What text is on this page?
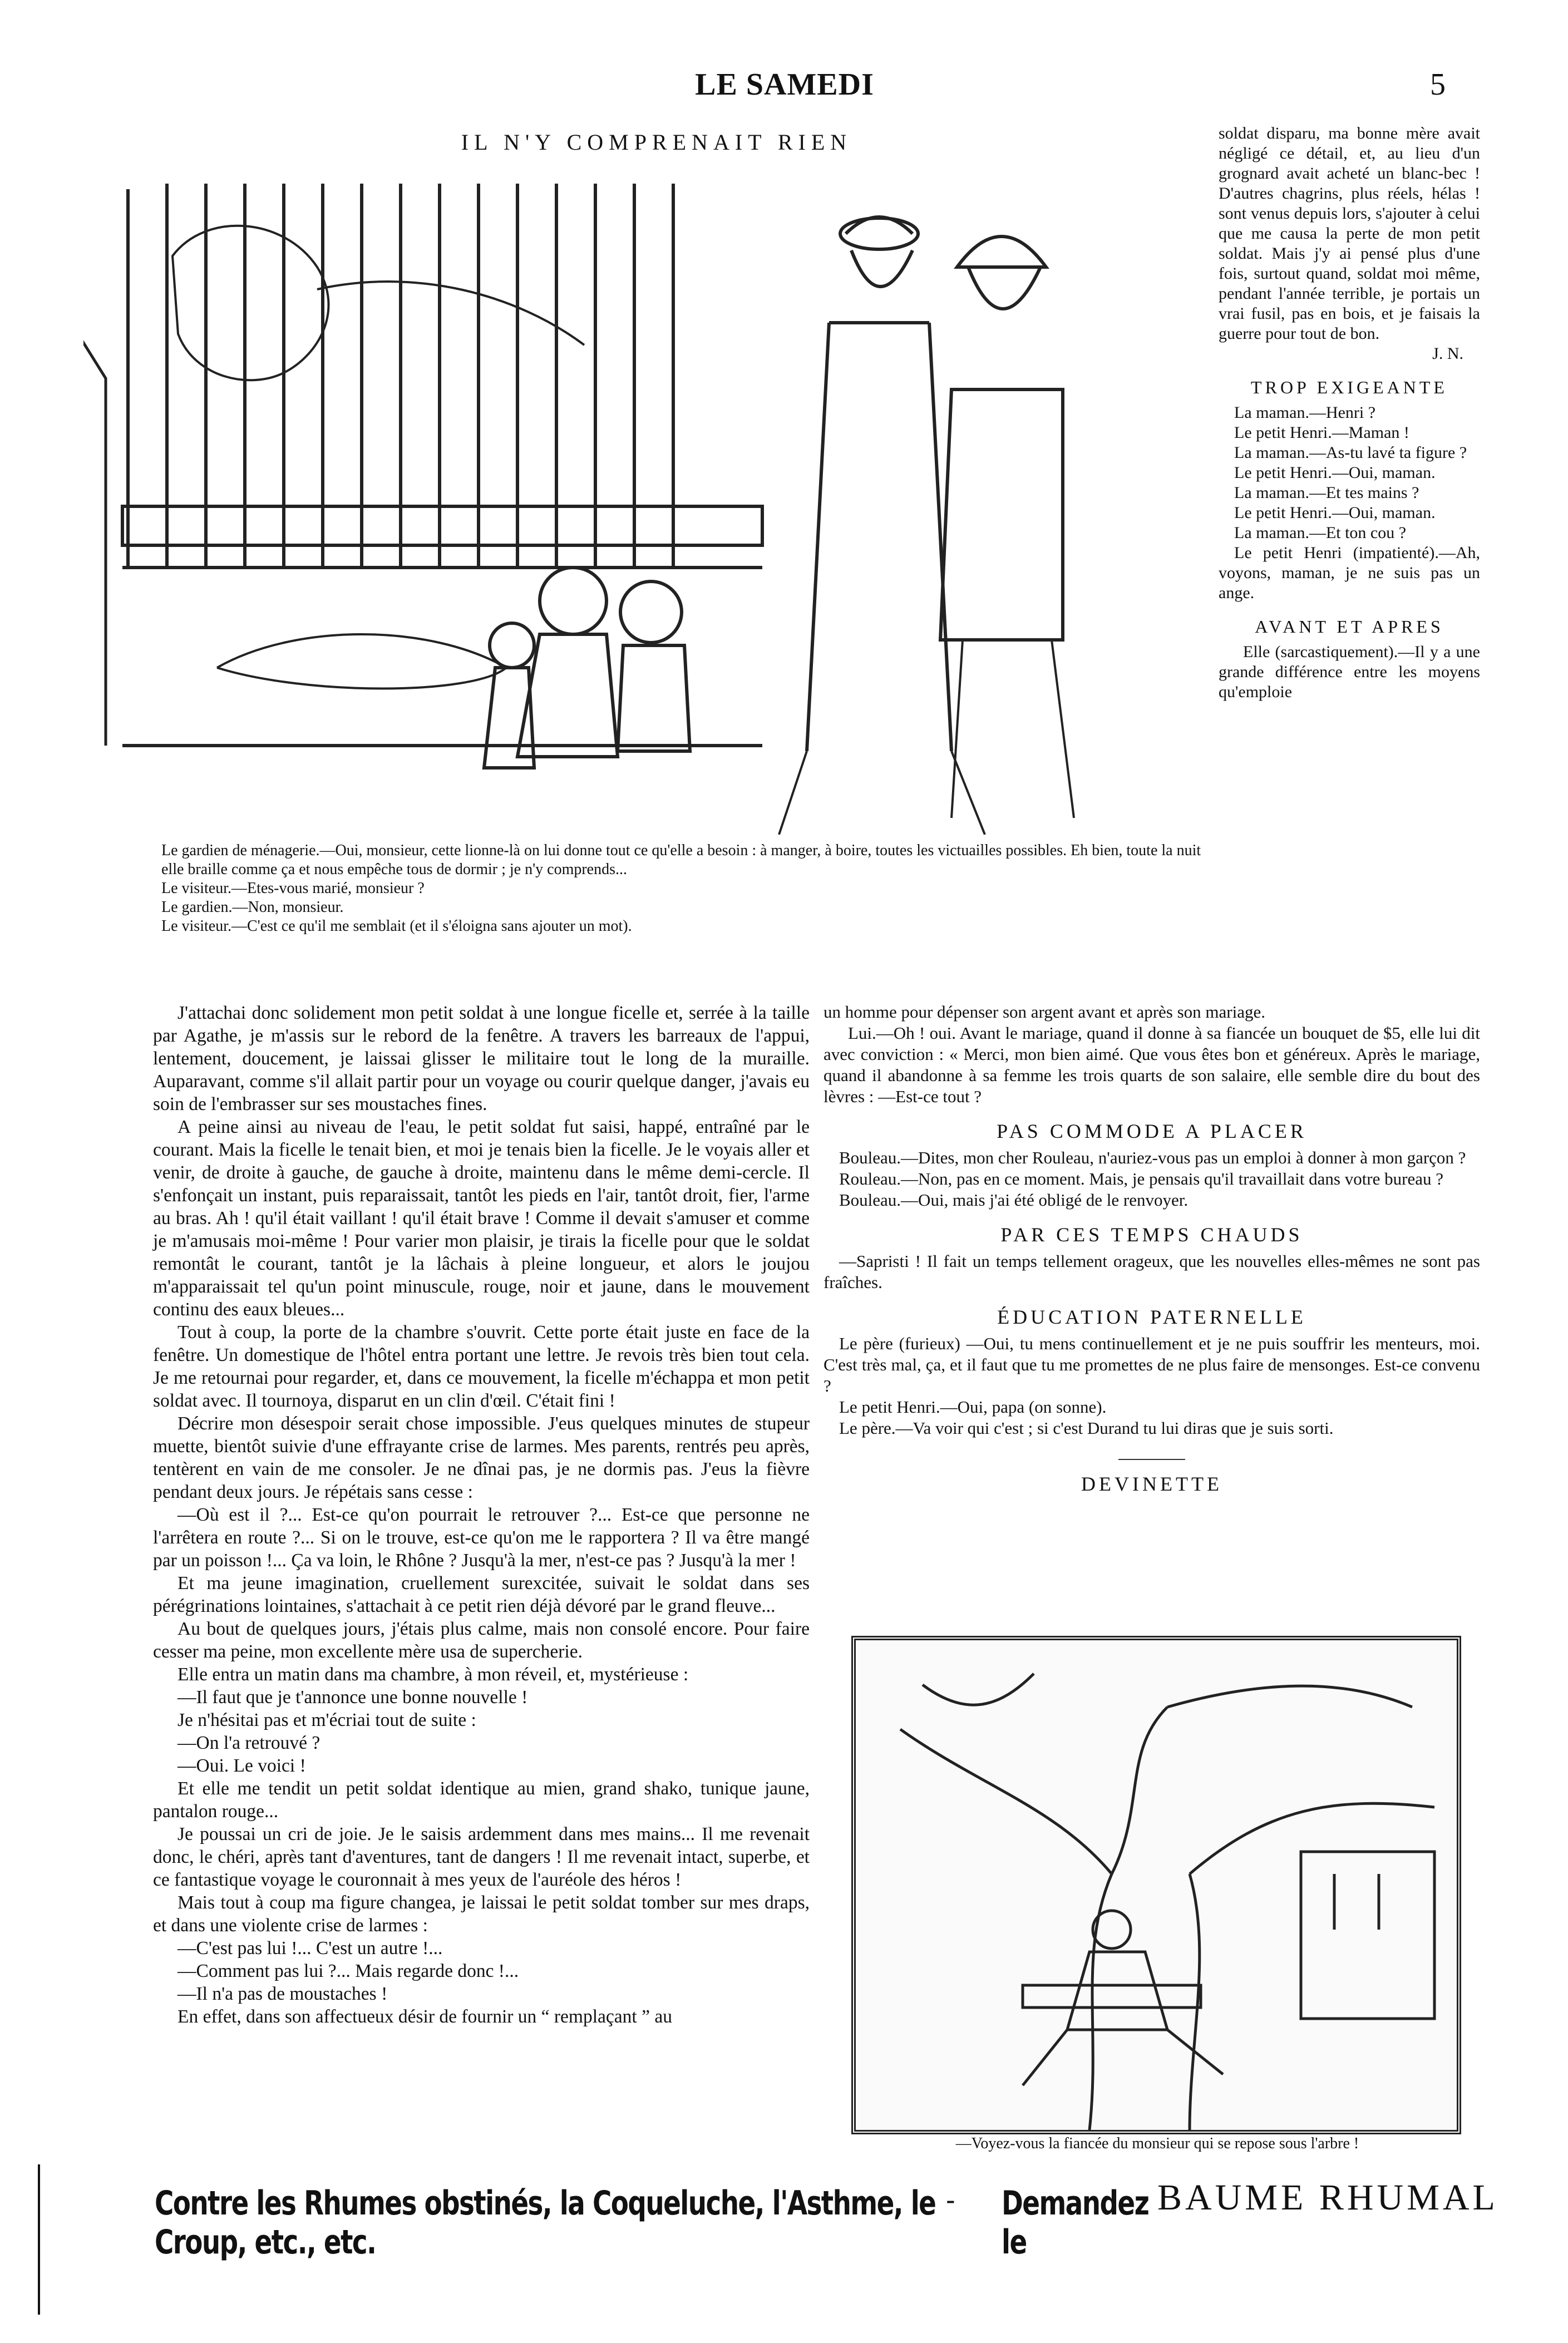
LE SAMEDI	5
IL N'Y COMPRENAIT RIEN
Le gardien de ménagerie.—Oui, monsieur, cette lionne-là on lui donne tout ce qu'elle a besoin : à manger, à boire, toutes les victuailles possibles. Eh bien, toute la nuit elle braille comme ça et nous empêche tous de dormir ; je n'y comprends...
Le visiteur.—Etes-vous marié, monsieur ?
Le gardien.—Non, monsieur.
Le visiteur.—C'est ce qu'il me semblait (et il s'éloigna sans ajouter un mot).

soldat disparu, ma bonne mère avait négligé ce détail, et, au lieu d'un grognard avait acheté un blanc-bec ! D'autres chagrins, plus réels, hélas ! sont venus depuis lors, s'ajouter à celui que me causa la perte de mon petit soldat. Mais j'y ai pensé plus d'une fois, surtout quand, soldat moi même, pendant l'année terrible, je portais un vrai fusil, pas en bois, et je faisais la guerre pour tout de bon.

J. N.
TROP EXIGEANTE

La maman.—Henri ?

Le petit Henri.—Maman !

La maman.—As-tu lavé ta figure ?

Le petit Henri.—Oui, maman.

La maman.—Et tes mains ?

Le petit Henri.—Oui, maman.

La maman.—Et ton cou ?

Le petit Henri (impatienté).—Ah, voyons, maman, je ne suis pas un ange.

AVANT ET APRES

Elle (sarcastiquement).—Il y a une grande différence entre les moyens qu'emploie

J'attachai donc solidement mon petit soldat à une longue ficelle et, serrée à la taille par Agathe, je m'assis sur le rebord de la fenêtre. A travers les barreaux de l'appui, lentement, doucement, je laissai glisser le militaire tout le long de la muraille. Auparavant, comme s'il allait partir pour un voyage ou courir quelque danger, j'avais eu soin de l'embrasser sur ses moustaches fines.

A peine ainsi au niveau de l'eau, le petit soldat fut saisi, happé, entraîné par le courant. Mais la ficelle le tenait bien, et moi je tenais bien la ficelle. Je le voyais aller et venir, de droite à gauche, de gauche à droite, maintenu dans le même demi-cercle. Il s'enfonçait un instant, puis reparaissait, tantôt les pieds en l'air, tantôt droit, fier, l'arme au bras. Ah ! qu'il était vaillant ! qu'il était brave ! Comme il devait s'amuser et comme je m'amusais moi-même ! Pour varier mon plaisir, je tirais la ficelle pour que le soldat remontât le courant, tantôt je la lâchais à pleine longueur, et alors le joujou m'apparaissait tel qu'un point minuscule, rouge, noir et jaune, dans le mouvement continu des eaux bleues...

Tout à coup, la porte de la chambre s'ouvrit. Cette porte était juste en face de la fenêtre. Un domestique de l'hôtel entra portant une lettre. Je revois très bien tout cela. Je me retournai pour regarder, et, dans ce mouvement, la ficelle m'échappa et mon petit soldat avec. Il tournoya, disparut en un clin d'œil. C'était fini !

Décrire mon désespoir serait chose impossible. J'eus quelques minutes de stupeur muette, bientôt suivie d'une effrayante crise de larmes. Mes parents, rentrés peu après, tentèrent en vain de me consoler. Je ne dînai pas, je ne dormis pas. J'eus la fièvre pendant deux jours. Je répétais sans cesse :

—Où est il ?... Est-ce qu'on pourrait le retrouver ?... Est-ce que personne ne l'arrêtera en route ?... Si on le trouve, est-ce qu'on me le rapportera ? Il va être mangé par un poisson !... Ça va loin, le Rhône ? Jusqu'à la mer, n'est-ce pas ? Jusqu'à la mer !

Et ma jeune imagination, cruellement surexcitée, suivait le soldat dans ses pérégrinations lointaines, s'attachait à ce petit rien déjà dévoré par le grand fleuve...

Au bout de quelques jours, j'étais plus calme, mais non consolé encore. Pour faire cesser ma peine, mon excellente mère usa de supercherie.

Elle entra un matin dans ma chambre, à mon réveil, et, mystérieuse :

—Il faut que je t'annonce une bonne nouvelle !

Je n'hésitai pas et m'écriai tout de suite :

—On l'a retrouvé ?

—Oui. Le voici !

Et elle me tendit un petit soldat identique au mien, grand shako, tunique jaune, pantalon rouge...

Je poussai un cri de joie. Je le saisis ardemment dans mes mains... Il me revenait donc, le chéri, après tant d'aventures, tant de dangers ! Il me revenait intact, superbe, et ce fantastique voyage le couronnait à mes yeux de l'auréole des héros !

Mais tout à coup ma figure changea, je laissai le petit soldat tomber sur mes draps, et dans une violente crise de larmes :

—C'est pas lui !... C'est un autre !...

—Comment pas lui ?... Mais regarde donc !...

—Il n'a pas de moustaches !

En effet, dans son affectueux désir de fournir un “ remplaçant ” au

un homme pour dépenser son argent avant et après son mariage.

Lui.—Oh ! oui. Avant le mariage, quand il donne à sa fiancée un bouquet de $5, elle lui dit avec conviction : « Merci, mon bien aimé. Que vous êtes bon et généreux. Après le mariage, quand il abandonne à sa femme les trois quarts de son salaire, elle semble dire du bout des lèvres : —Est-ce tout ?

PAS COMMODE A PLACER

Bouleau.—Dites, mon cher Rouleau, n'auriez-vous pas un emploi à donner à mon garçon ?

Rouleau.—Non, pas en ce moment. Mais, je pensais qu'il travaillait dans votre bureau ?

Bouleau.—Oui, mais j'ai été obligé de le renvoyer.

PAR CES TEMPS CHAUDS

—Sapristi ! Il fait un temps tellement orageux, que les nouvelles elles-mêmes ne sont pas fraîches.

ÉDUCATION PATERNELLE

Le père (furieux) —Oui, tu mens continuellement et je ne puis souffrir les menteurs, moi. C'est très mal, ça, et il faut que tu me promettes de ne plus faire de mensonges. Est-ce convenu ?

Le petit Henri.—Oui, papa (on sonne).

Le père.—Va voir qui c'est ; si c'est Durand tu lui diras que je suis sorti.

DEVINETTE
—Voyez-vous la fiancée du monsieur qui se repose sous l'arbre !
Contre les Rhumes obstinés, la Coqueluche, l'Asthme, le Croup, etc., etc.
- Demandez le
BAUME RHUMAL
